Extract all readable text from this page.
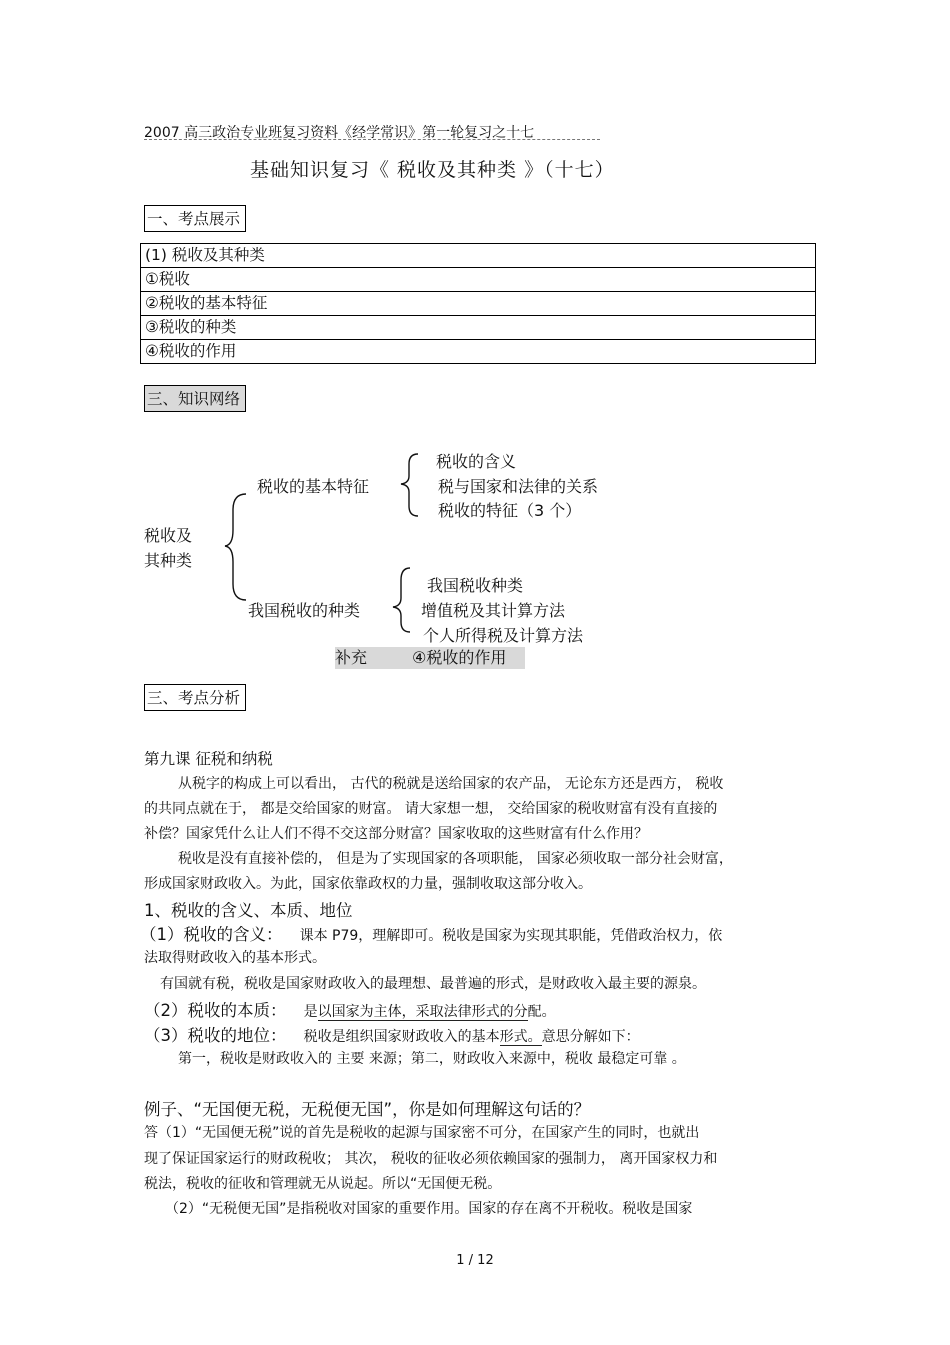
2007 高三政治专业班复习资料《经学常识》第一轮复习之十七
基础知识复习《 税收及其种类 》（十七）
一、考点展示
(1) 税收及其种类
①税收
②税收的基本特征
③税收的种类
④税收的作用
三、知识网络
税收及
其种类
税收的基本特征
税收的含义
税与国家和法律的关系
税收的特征（3 个）
我国税收的种类
我国税收种类
增值税及其计算方法
个人所得税及计算方法
补充	④税收的作用
三、考点分析
第九课 征税和纳税
从税字的构成上可以看出， 古代的税就是送给国家的农产品， 无论东方还是西方， 税收
的共同点就在于， 都是交给国家的财富。 请大家想一想， 交给国家的税收财富有没有直接的
补偿？国家凭什么让人们不得不交这部分财富？国家收取的这些财富有什么作用？
税收是没有直接补偿的， 但是为了实现国家的各项职能， 国家必须收取一部分社会财富，
形成国家财政收入。为此，国家依靠政权的力量，强制收取这部分收入。
1、税收的含义、本质、地位
（1）税收的含义： 课本 P79，理解即可。税收是国家为实现其职能，凭借政治权力，依
法取得财政收入的基本形式。
有国就有税，税收是国家财政收入的最理想、最普遍的形式，是财政收入最主要的源泉。
（2）税收的本质： 是以国家为主体，采取法律形式的分配。
（3）税收的地位： 税收是组织国家财政收入的基本形式。意思分解如下：
第一，税收是财政收入的 主要 来源；第二，财政收入来源中，税收 最稳定可靠 。
例子、“无国便无税，无税便无国”，你是如何理解这句话的？
答（1）“无国便无税”说的首先是税收的起源与国家密不可分，在国家产生的同时，也就出
现了保证国家运行的财政税收； 其次， 税收的征收必须依赖国家的强制力， 离开国家权力和
税法，税收的征收和管理就无从说起。所以“无国便无税。
（2）“无税便无国”是指税收对国家的重要作用。国家的存在离不开税收。税收是国家
1 / 12
